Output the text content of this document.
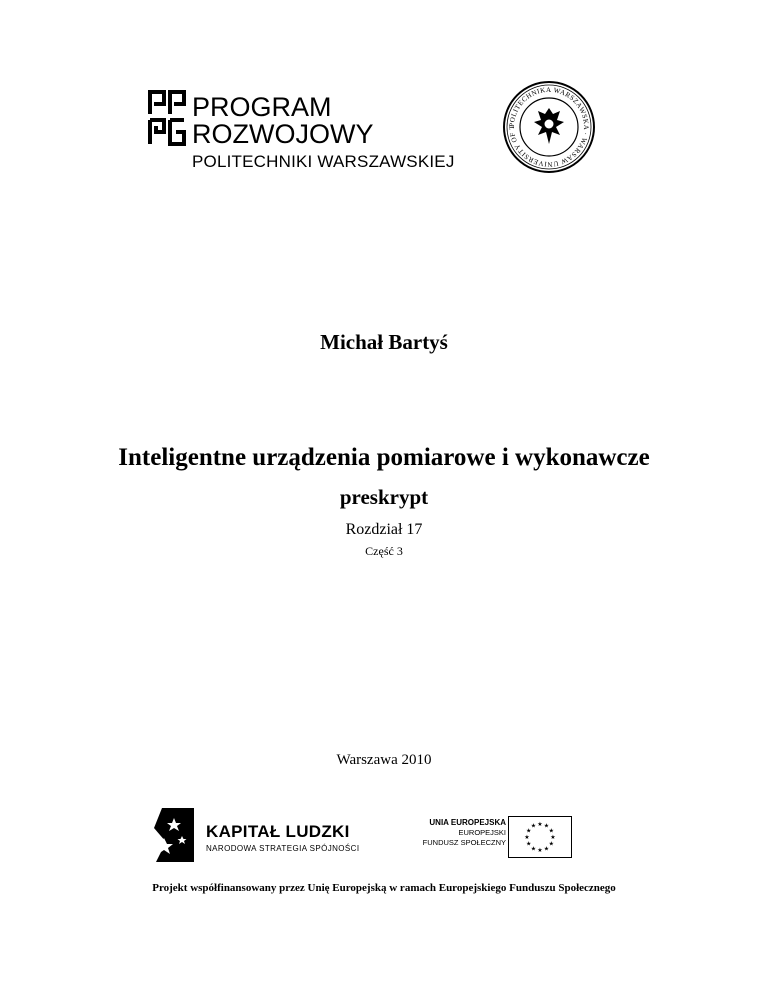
PROGRAM ROZWOJOWY
POLITECHNIKI WARSZAWSKIEJ
POLITECHNIKA WARSZAWSKA · WARSAW UNIVERSITY OF T
Michał Bartyś
Inteligentne urządzenia pomiarowe i wykonawcze
preskrypt
Rozdział 17
Część 3
Warszawa 2010
KAPITAŁ LUDZKI
NARODOWA STRATEGIA SPÓJNOŚCI
UNIA EUROPEJSKA
EUROPEJSKI
FUNDUSZ SPOŁECZNY
★ ★
★
★
★
★
★
★
★
★
★
★
Projekt współfinansowany przez Unię Europejską w ramach Europejskiego Funduszu Społecznego
